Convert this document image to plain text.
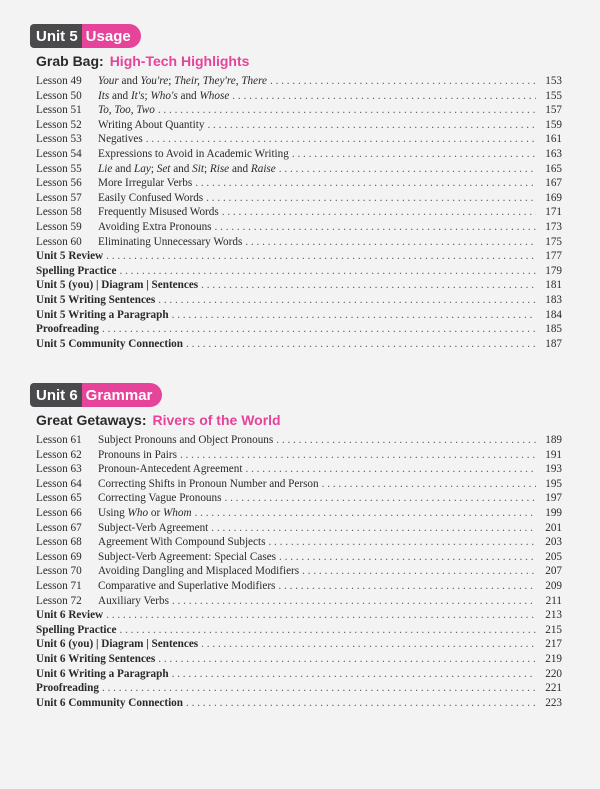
Unit 5 Usage
Grab Bag: High-Tech Highlights
Lesson 49	Your and You're; Their, They're, There . . .	153
Lesson 50	Its and It's; Who's and Whose . . .	155
Lesson 51	To, Too, Two . . .	157
Lesson 52	Writing About Quantity . . .	159
Lesson 53	Negatives . . .	161
Lesson 54	Expressions to Avoid in Academic Writing . . .	163
Lesson 55	Lie and Lay; Set and Sit; Rise and Raise . . .	165
Lesson 56	More Irregular Verbs . . .	167
Lesson 57	Easily Confused Words . . .	169
Lesson 58	Frequently Misused Words . . .	171
Lesson 59	Avoiding Extra Pronouns . . .	173
Lesson 60	Eliminating Unnecessary Words . . .	175
Unit 5 Review . . .	177
Spelling Practice . . .	179
Unit 5 (you) | Diagram | Sentences . . .	181
Unit 5 Writing Sentences . . .	183
Unit 5 Writing a Paragraph . . .	184
Proofreading . . .	185
Unit 5 Community Connection . . .	187
Unit 6 Grammar
Great Getaways: Rivers of the World
Lesson 61	Subject Pronouns and Object Pronouns . . .	189
Lesson 62	Pronouns in Pairs . . .	191
Lesson 63	Pronoun-Antecedent Agreement . . .	193
Lesson 64	Correcting Shifts in Pronoun Number and Person . . .	195
Lesson 65	Correcting Vague Pronouns . . .	197
Lesson 66	Using Who or Whom . . .	199
Lesson 67	Subject-Verb Agreement . . .	201
Lesson 68	Agreement With Compound Subjects . . .	203
Lesson 69	Subject-Verb Agreement: Special Cases . . .	205
Lesson 70	Avoiding Dangling and Misplaced Modifiers . . .	207
Lesson 71	Comparative and Superlative Modifiers . . .	209
Lesson 72	Auxiliary Verbs . . .	211
Unit 6 Review . . .	213
Spelling Practice . . .	215
Unit 6 (you) | Diagram | Sentences . . .	217
Unit 6 Writing Sentences . . .	219
Unit 6 Writing a Paragraph . . .	220
Proofreading . . .	221
Unit 6 Community Connection . . .	223
